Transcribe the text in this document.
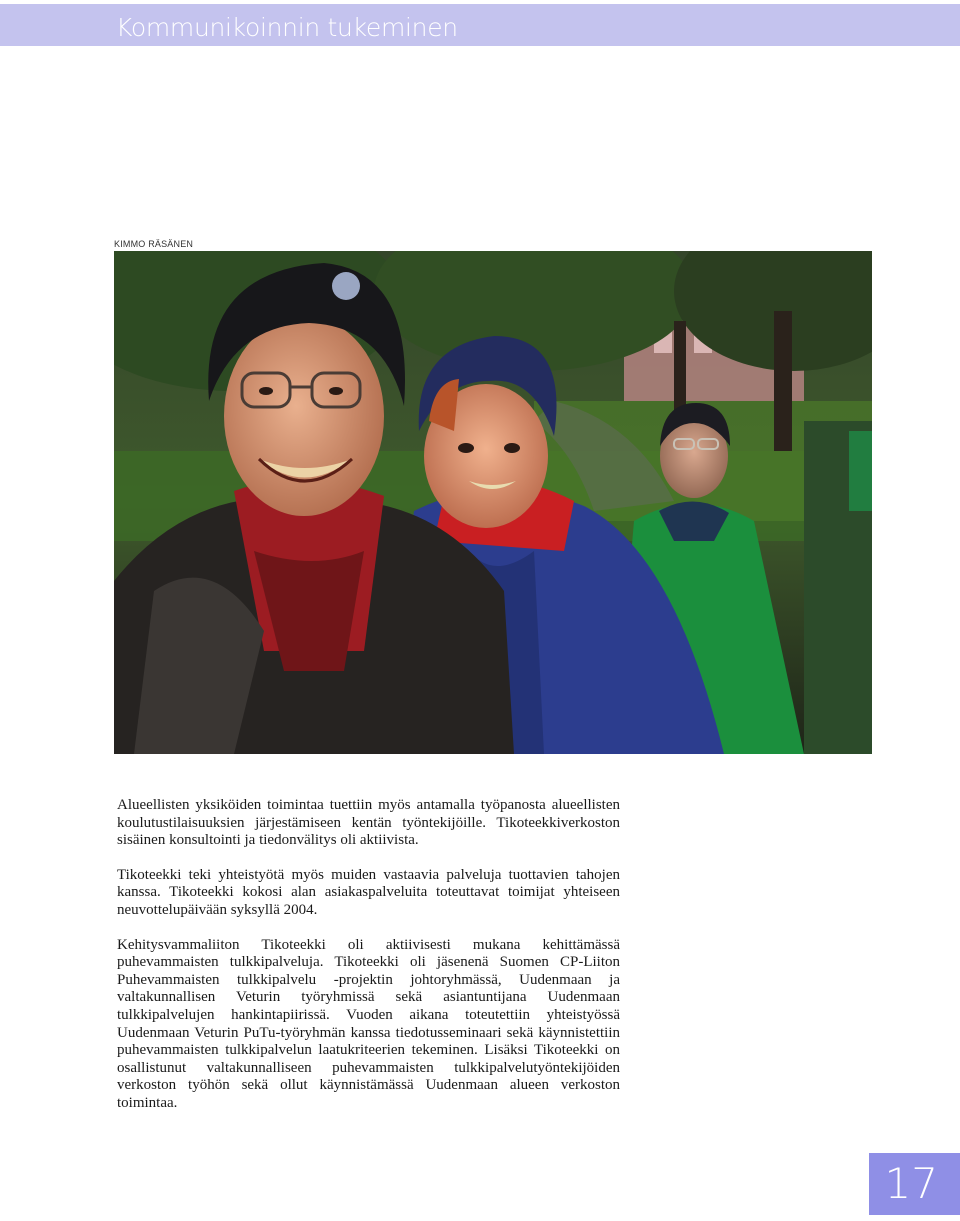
Kommunikoinnin tukeminen
KIMMO RÄSÄNEN

Alueellisten yksiköiden toimintaa tuettiin myös antamalla työpanosta alueellisten koulutustilaisuuksien järjestämiseen kentän työntekijöille. Tikoteekkiverkoston sisäinen konsultointi ja tiedonvälitys oli aktiivista.

Tikoteekki teki yhteistyötä myös muiden vastaavia palveluja tuottavien tahojen kanssa. Tikoteekki kokosi alan asiakaspalveluita toteuttavat toimijat yhteiseen neuvottelupäivään syksyllä 2004.

Kehitysvammaliiton Tikoteekki oli aktiivisesti mukana kehittämässä puhevammaisten tulkkipalveluja. Tikoteekki oli jäsenenä Suomen CP-Liiton Puhevammaisten tulkkipalvelu -projektin johtoryhmässä, Uudenmaan ja valtakunnallisen Veturin työryhmissä sekä asiantuntijana Uudenmaan tulkkipalvelujen hankintapiirissä. Vuoden aikana toteutettiin yhteistyössä Uudenmaan Veturin PuTu-työryhmän kanssa tiedotusseminaari sekä käynnistettiin puhevammaisten tulkkipalvelun laatukriteerien tekeminen. Lisäksi Tikoteekki on osallistunut valtakunnalliseen puhevammaisten tulkkipalvelutyöntekijöiden verkoston työhön sekä ollut käynnistämässä Uudenmaan alueen verkoston toimintaa.

17
